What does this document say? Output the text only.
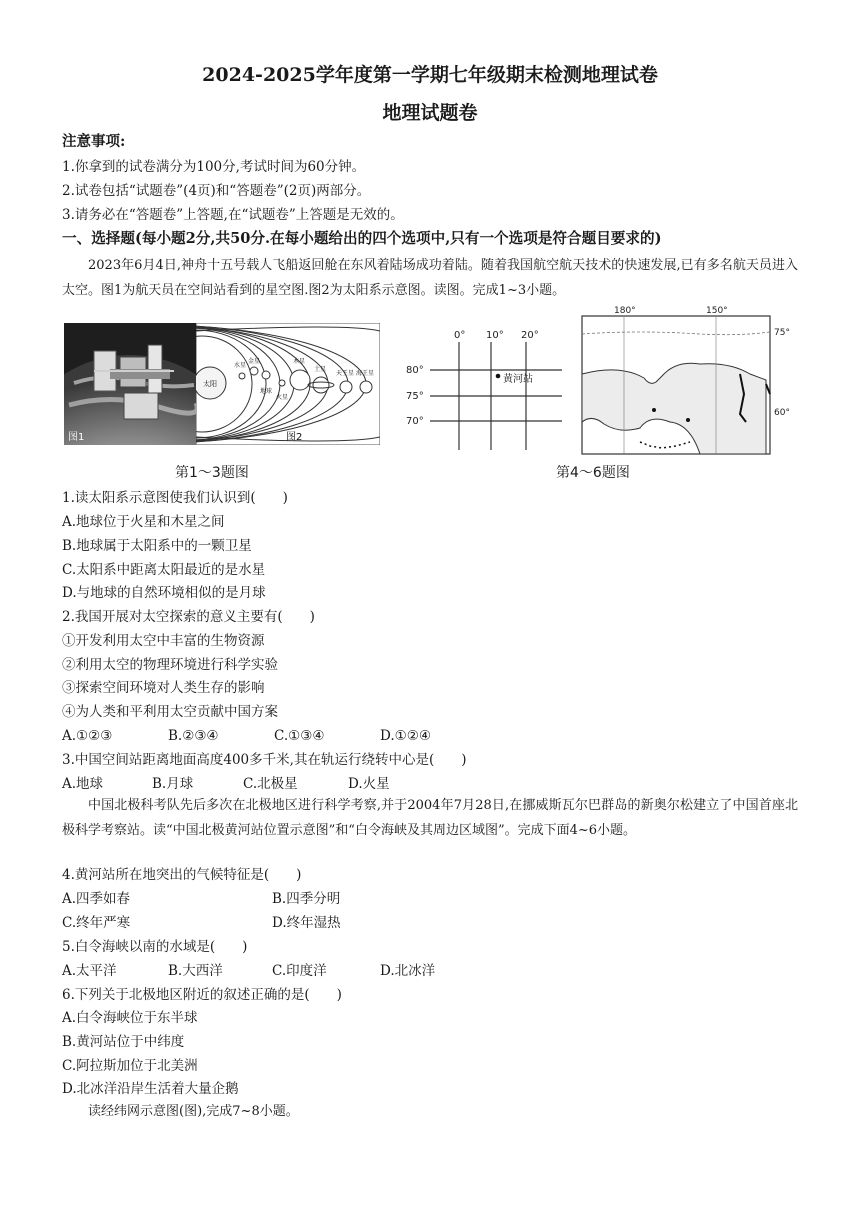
2024-2025学年度第一学期七年级期末检测地理试卷
地理试题卷
注意事项:
1.你拿到的试卷满分为100分,考试时间为60分钟。
2.试卷包括“试题卷”(4页)和“答题卷”(2页)两部分。
3.请务必在“答题卷”上答题,在“试题卷”上答题是无效的。
一、选择题(每小题2分,共50分.在每小题给出的四个选项中,只有一个选项是符合题目要求的)
2023年6月4日,神舟十五号载人飞船返回舱在东风着陆场成功着陆。随着我国航空航天技术的快速发展,已有多名航天员进入太空。图1为航天员在空间站看到的星空图.图2为太阳系示意图。读图。完成1~3小题。
图1
太阳
水星
金星
地球
火星
木星
土星
天王星 海王星
图2
第1～3题图
0° 10° 20°
80°
75°
70°
黄河站
180°	150°
75°
60°
第4～6题图
1.读太阳系示意图使我们认识到(　　)
A.地球位于火星和木星之间
B.地球属于太阳系中的一颗卫星
C.太阳系中距离太阳最近的是水星
D.与地球的自然环境相似的是月球
2.我国开展对太空探索的意义主要有(　　)
①开发利用太空中丰富的生物资源
②利用太空的物理环境进行科学实验
③探索空间环境对人类生存的影响
④为人类和平利用太空贡献中国方案
A.①②③	B.②③④	C.①③④	D.①②④
3.中国空间站距离地面高度400多千米,其在轨运行绕转中心是(　　)
A.地球	B.月球	C.北极星	D.火星
中国北极科考队先后多次在北极地区进行科学考察,并于2004年7月28日,在挪威斯瓦尔巴群岛的新奥尔松建立了中国首座北极科学考察站。读“中国北极黄河站位置示意图”和“白令海峡及其周边区域图”。完成下面4~6小题。
4.黄河站所在地突出的气候特征是(　　)
A.四季如春	B.四季分明
C.终年严寒	D.终年湿热
5.白令海峡以南的水域是(　　)
A.太平洋	B.大西洋	C.印度洋	D.北冰洋
6.下列关于北极地区附近的叙述正确的是(　　)
A.白令海峡位于东半球
B.黄河站位于中纬度
C.阿拉斯加位于北美洲
D.北冰洋沿岸生活着大量企鹅
读经纬网示意图(图),完成7~8小题。
